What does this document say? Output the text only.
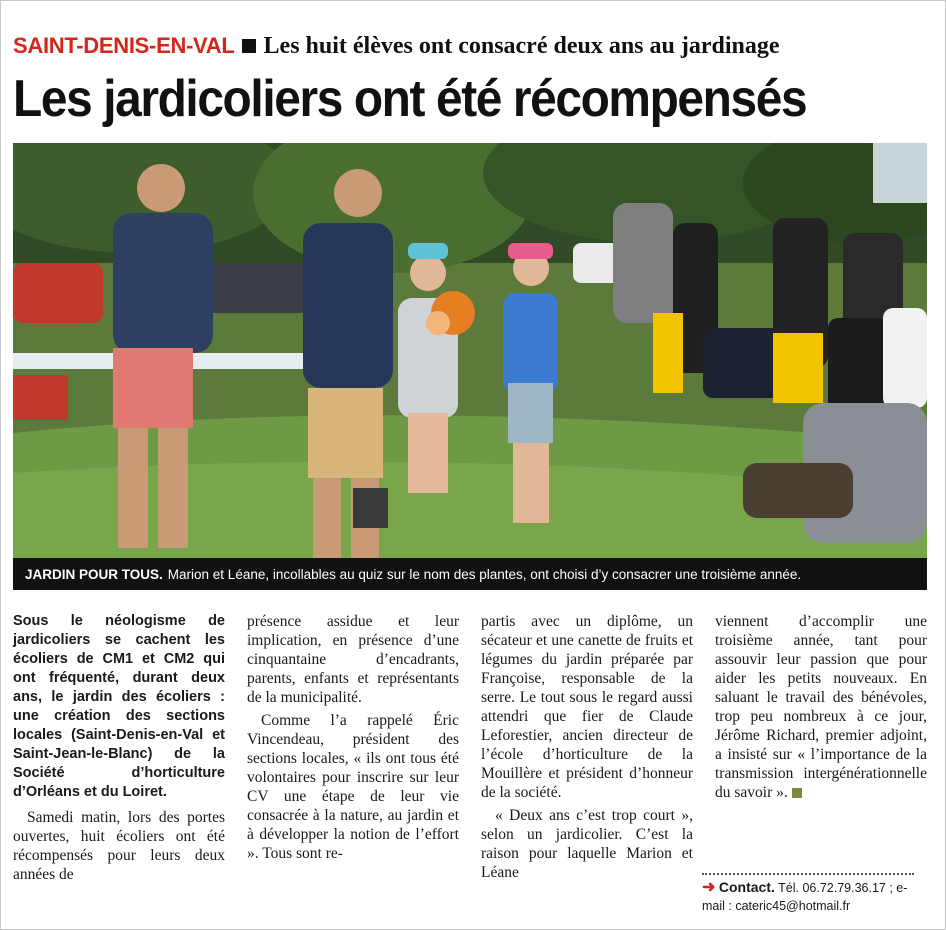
SAINT-DENIS-EN-VAL Les huit élèves ont consacré deux ans au jardinage
Les jardicoliers ont été récompensés
JARDIN POUR TOUS. Marion et Léane, incollables au quiz sur le nom des plantes, ont choisi d’y consacrer une troisième année.

Sous le néologisme de jardicoliers se cachent les écoliers de CM1 et CM2 qui ont fréquenté, durant deux ans, le jardin des écoliers : une création des sections locales (Saint-Denis-en-Val et Saint-Jean-le-Blanc) de la Société d’horticulture d’Orléans et du Loiret.

Samedi matin, lors des portes ouvertes, huit écoliers ont été récompensés pour leurs deux années de

présence assidue et leur implication, en présence d’une cinquantaine d’encadrants, parents, enfants et représentants de la municipalité.

Comme l’a rappelé Éric Vincendeau, président des sections locales, « ils ont tous été volontaires pour inscrire sur leur CV une étape de leur vie consacrée à la nature, au jardin et à développer la notion de l’effort ». Tous sont re-

partis avec un diplôme, un sécateur et une canette de fruits et légumes du jardin préparée par Françoise, responsable de la serre. Le tout sous le regard aussi attendri que fier de Claude Leforestier, ancien directeur de l’école d’horticulture de la Mouillère et président d’honneur de la société.

« Deux ans c’est trop court », selon un jardicolier. C’est la raison pour laquelle Marion et Léane

viennent d’accomplir une troisième année, tant pour assouvir leur passion que pour aider les petits nouveaux. En saluant le travail des bénévoles, trop peu nombreux à ce jour, Jérôme Richard, premier adjoint, a insisté sur « l’importance de la transmission intergénérationnelle du savoir ».

➜ Contact. Tél. 06.72.79.36.17 ; e-mail : cateric45@hotmail.fr
